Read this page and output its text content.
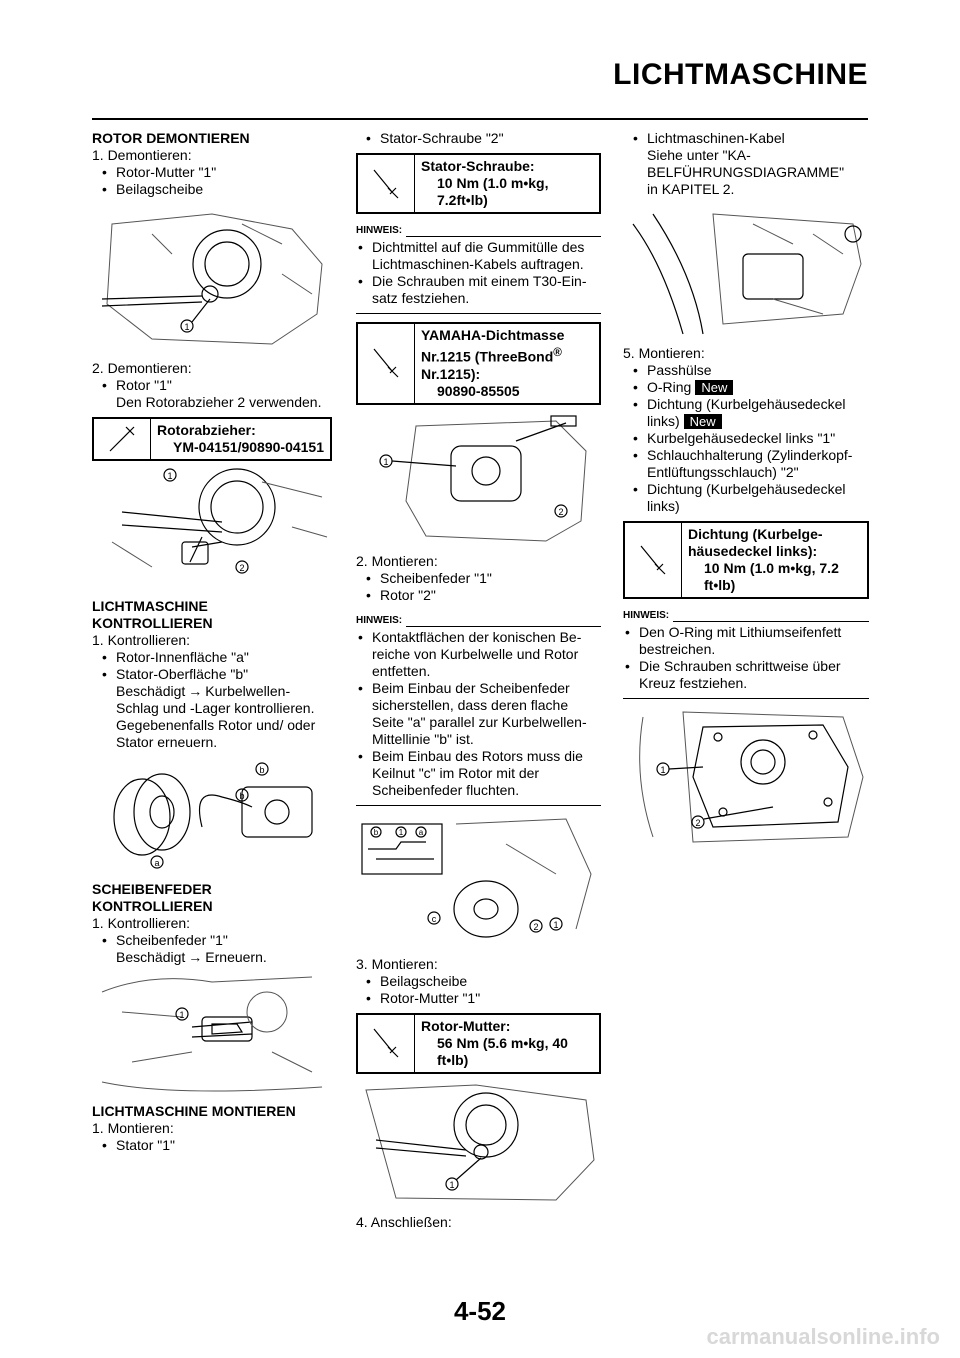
LICHTMASCHINE

ROTOR DEMONTIEREN

1. Demontieren:
• Rotor-Mutter "1"
• Beilagscheibe
1
2. Demontieren:
• Rotor "1"
Den Rotorabzieher 2 verwenden.
Rotorabzieher:
YM-04151/90890-04151
1
2

LICHTMASCHINE

KONTROLLIEREN

1. Kontrollieren:
• Rotor-Innenfläche "a"
• Stator-Oberfläche "b"
Beschädigt → Kurbelwellen-
Schlag und -Lager kontrollieren.
Gegebenenfalls Rotor und/ oder
Stator erneuern.
a
b
b

SCHEIBENFEDER

KONTROLLIEREN

1. Kontrollieren:
• Scheibenfeder "1"
Beschädigt → Erneuern.
1

LICHTMASCHINE MONTIEREN

1. Montieren:
• Stator "1"
• Stator-Schraube "2"
Stator-Schraube:
10 Nm (1.0 m•kg,
7.2ft•lb)
HINWEIS:
• Dichtmittel auf die Gummitülle des Lichtmaschinen-Kabels auftragen.
• Die Schrauben mit einem T30-Ein-satz festziehen.
YAMAHA-Dichtmasse
Nr.1215 (ThreeBond®
Nr.1215):
90890-85505
1
2
2. Montieren:
• Scheibenfeder "1"
• Rotor "2"
HINWEIS:
• Kontaktflächen der konischen Be-reiche von Kurbelwelle und Rotor entfetten.
• Beim Einbau der Scheibenfeder sicherstellen, dass deren flache Seite "a" parallel zur Kurbelwellen-Mittellinie "b" ist.
• Beim Einbau des Rotors muss die Keilnut "c" im Rotor mit der Scheibenfeder fluchten.
b	1 a
c
2 1
3. Montieren:
• Beilagscheibe
• Rotor-Mutter "1"
Rotor-Mutter:
56 Nm (5.6 m•kg, 40
ft•lb)
1
4. Anschließen:
• Lichtmaschinen-Kabel
Siehe unter "KA-
BELFÜHRUNGSDIAGRAMME"
in KAPITEL 2.
5. Montieren:
• Passhülse
• O-Ring New
• Dichtung (Kurbelgehäusedeckel
links) New
• Kurbelgehäusedeckel links "1"
• Schlauchhalterung (Zylinderkopf-
Entlüftungsschlauch) "2"
• Dichtung (Kurbelgehäusedeckel
links)
Dichtung (Kurbelge-
häusedeckel links):
10 Nm (1.0 m•kg, 7.2
ft•lb)
HINWEIS:
• Den O-Ring mit Lithiumseifenfett bestreichen.
• Die Schrauben schrittweise über Kreuz festziehen.
1
2
4-52
carmanualsonline.info
